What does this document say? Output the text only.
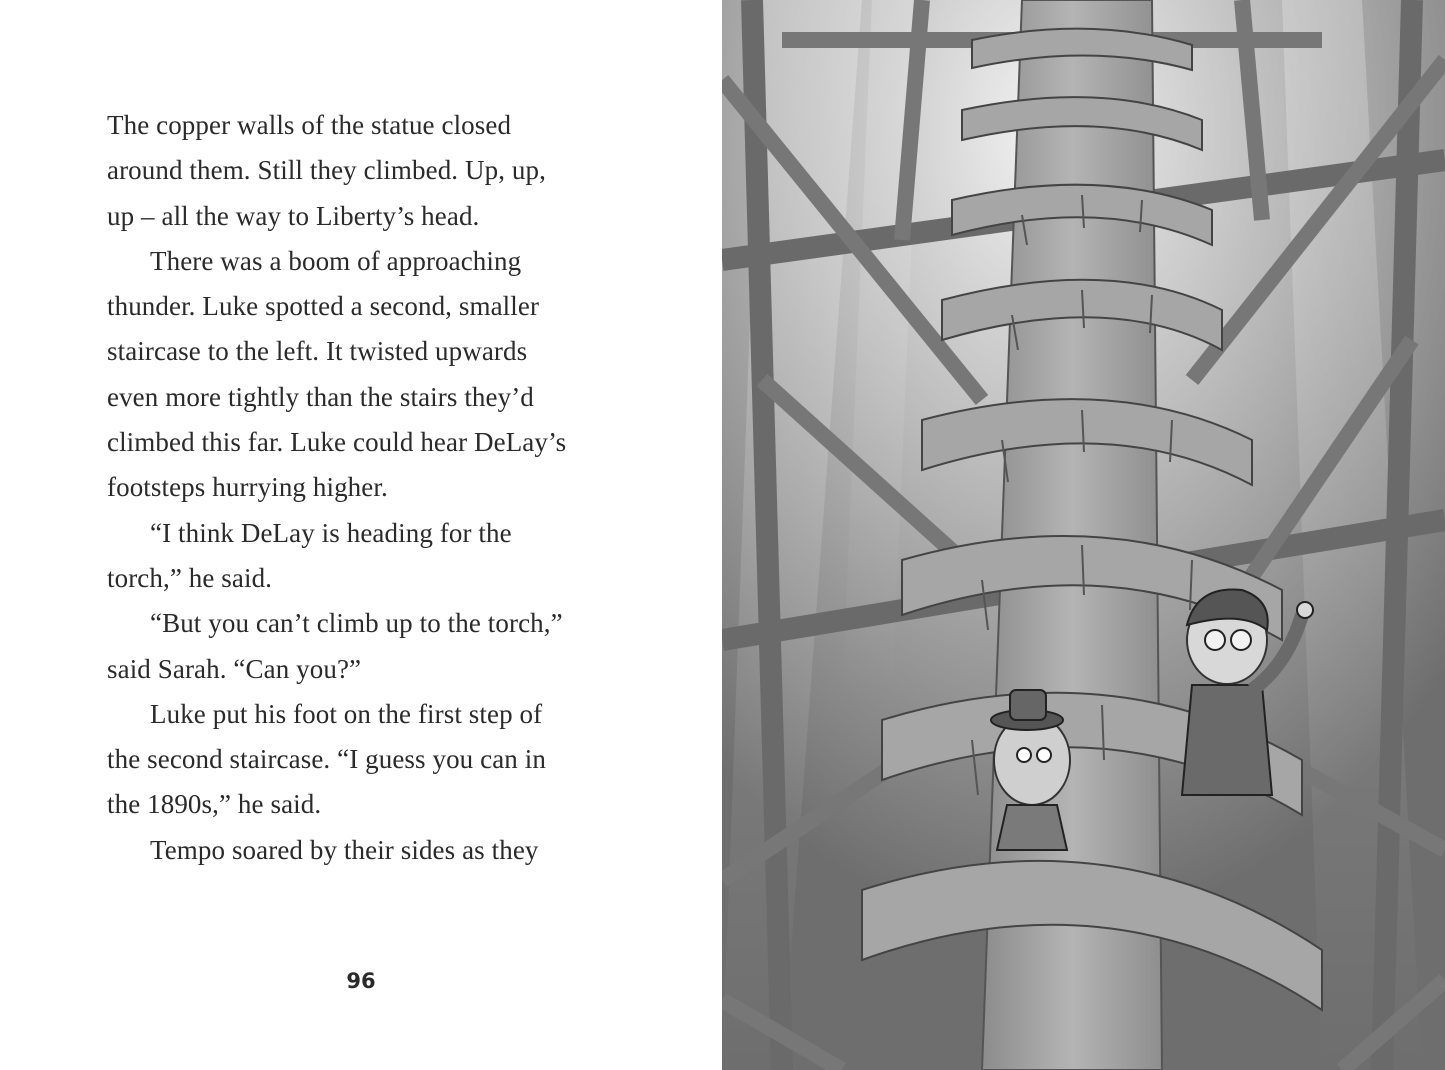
The copper walls of the statue closed
around them. Still they climbed. Up, up,
up – all the way to Liberty’s head.
There was a boom of approaching
thunder. Luke spotted a second, smaller
staircase to the left. It twisted upwards
even more tightly than the stairs they’d
climbed this far. Luke could hear DeLay’s
footsteps hurrying higher.
“I think DeLay is heading for the
torch,” he said.
“But you can’t climb up to the torch,”
said Sarah. “Can you?”
Luke put his foot on the first step of
the second staircase. “I guess you can in
the 1890s,” he said.
Tempo soared by their sides as they
96
